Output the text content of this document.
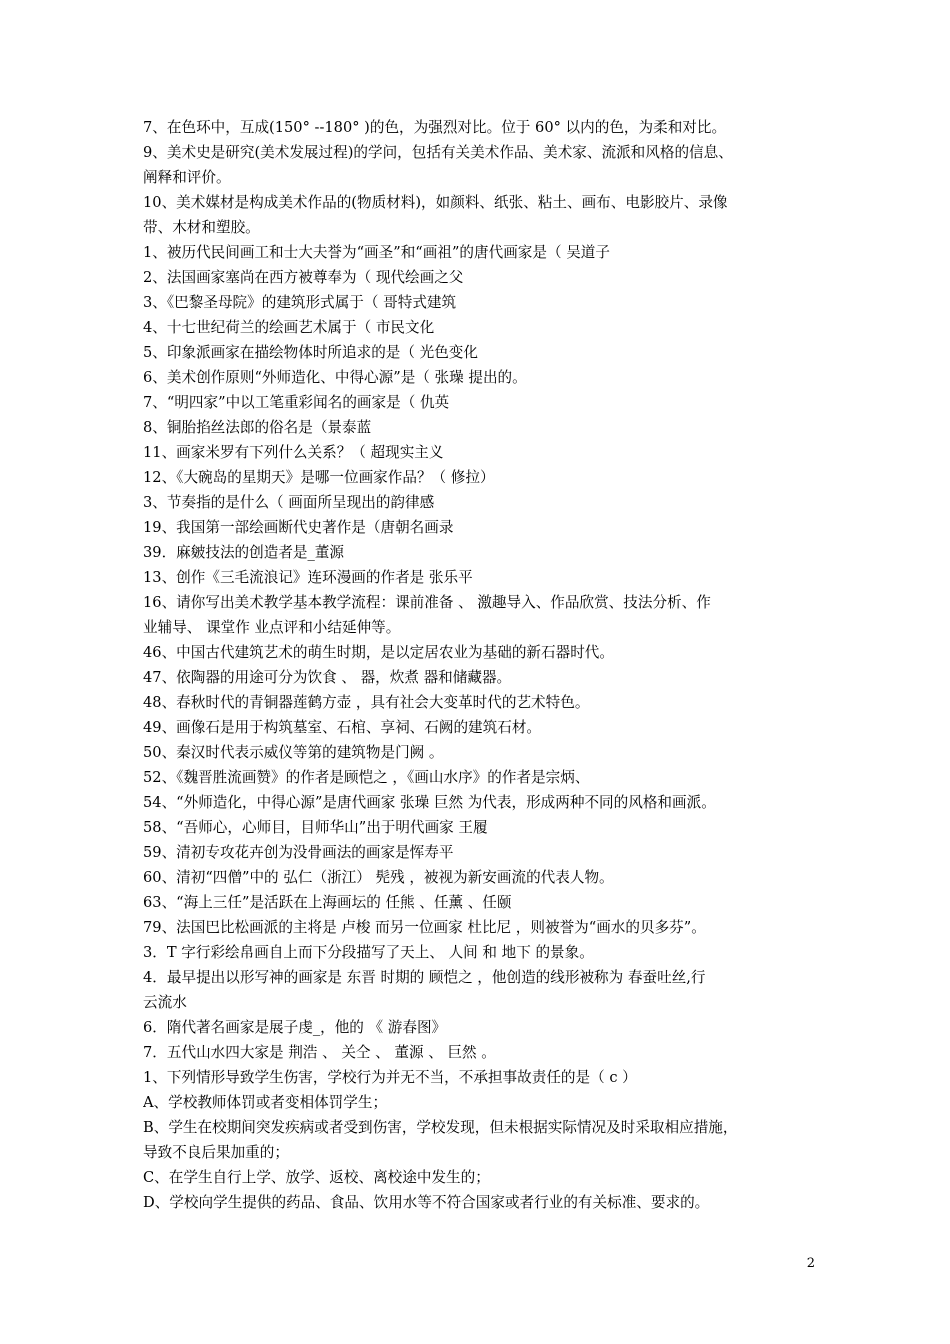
7、在色环中，互成(150° --180° )的色，为强烈对比。位于 60° 以内的色，为柔和对比。
9、美术史是研究(美术发展过程)的学问，包括有关美术作品、美术家、流派和风格的信息、
阐释和评价。
10、美术媒材是构成美术作品的(物质材料)，如颜料、纸张、粘土、画布、电影胶片、录像
带、木材和塑胶。
1、被历代民间画工和士大夫誉为“画圣”和“画祖”的唐代画家是（ 吴道子
2、法国画家塞尚在西方被尊奉为（ 现代绘画之父
3、《巴黎圣母院》的建筑形式属于（ 哥特式建筑
4、十七世纪荷兰的绘画艺术属于（ 市民文化
5、印象派画家在描绘物体时所追求的是（ 光色变化
6、美术创作原则“外师造化、中得心源”是（ 张璪 提出的。
7、“明四家”中以工笔重彩闻名的画家是（ 仇英
8、铜胎掐丝法郎的俗名是（景泰蓝
11、画家米罗有下列什么关系？（ 超现实主义
12、《大碗岛的星期天》是哪一位画家作品？（ 修拉）
3、节奏指的是什么（ 画面所呈现出的韵律感
19、我国第一部绘画断代史著作是（唐朝名画录
39．麻皴技法的创造者是_董源
13、创作《三毛流浪记》连环漫画的作者是 张乐平
16、请你写出美术教学基本教学流程：课前准备 、 激趣导入、作品欣赏、技法分析、作
业辅导、 课堂作 业点评和小结延伸等。
46、中国古代建筑艺术的萌生时期，是以定居农业为基础的新石器时代。
47、依陶器的用途可分为饮食 、 器，炊煮 器和储藏器。
48、春秋时代的青铜器莲鹤方壶 ，具有社会大变革时代的艺术特色。
49、画像石是用于构筑墓室、石棺、享祠、石阙的建筑石材。
50、秦汉时代表示威仪等第的建筑物是门阙 。
52、《魏晋胜流画赞》的作者是顾恺之 ，《画山水序》的作者是宗炳、
54、“外师造化，中得心源”是唐代画家 张璪 巨然 为代表，形成两种不同的风格和画派。
58、“吾师心，心师目，目师华山”出于明代画家 王履
59、清初专攻花卉创为没骨画法的画家是恽寿平
60、清初“四僧”中的 弘仁（浙江） 髡残 ，被视为新安画流的代表人物。
63、“海上三任”是活跃在上海画坛的 任熊 、任薰 、任颐
79、法国巴比松画派的主将是 卢梭 而另一位画家 杜比尼 ，则被誉为“画水的贝多芬”。
3．T 字行彩绘帛画自上而下分段描写了天上、 人间 和 地下 的景象。
4．最早提出以形写神的画家是 东晋 时期的 顾恺之 ，他创造的线形被称为 春蚕吐丝,行
云流水
6．隋代著名画家是展子虔_，他的 《 游春图》
7．五代山水四大家是 荆浩 、 关仝 、 董源 、 巨然 。
1、下列情形导致学生伤害，学校行为并无不当，不承担事故责任的是（ c ）
A、学校教师体罚或者变相体罚学生；
B、学生在校期间突发疾病或者受到伤害，学校发现，但未根据实际情况及时采取相应措施，
导致不良后果加重的；
C、在学生自行上学、放学、返校、离校途中发生的；
D、学校向学生提供的药品、食品、饮用水等不符合国家或者行业的有关标准、要求的。
2
